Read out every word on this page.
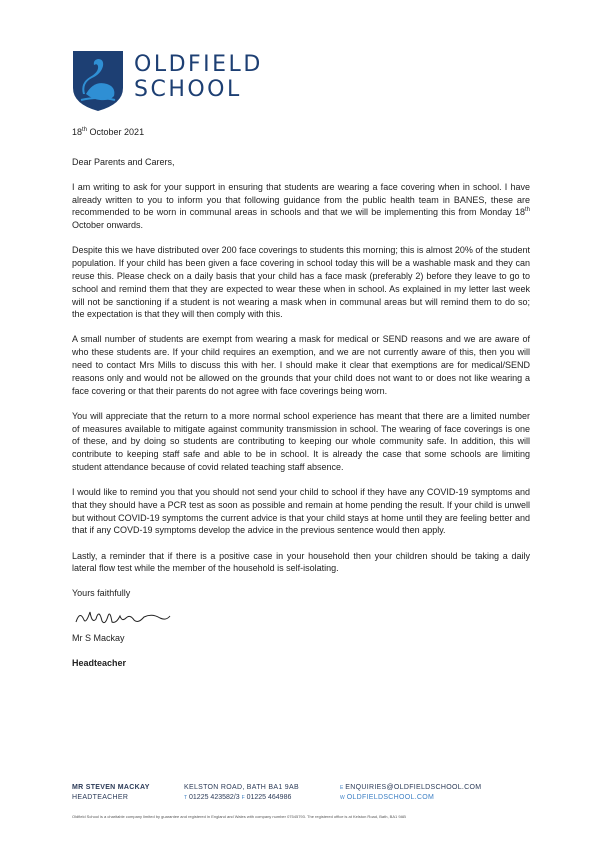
OLDFIELD
SCHOOL

18th October 2021

Dear Parents and Carers,

I am writing to ask for your support in ensuring that students are wearing a face covering when in school. I have already written to you to inform you that following guidance from the public health team in BANES, these are recommended to be worn in communal areas in schools and that we will be implementing this from Monday 18th October onwards.

Despite this we have distributed over 200 face coverings to students this morning; this is almost 20% of the student population. If your child has been given a face covering in school today this will be a washable mask and they can reuse this. Please check on a daily basis that your child has a face mask (preferably 2) before they leave to go to school and remind them that they are expected to wear these when in school. As explained in my letter last week will not be sanctioning if a student is not wearing a mask when in communal areas but will remind them to do so; the expectation is that they will then comply with this.

A small number of students are exempt from wearing a mask for medical or SEND reasons and we are aware of who these students are. If your child requires an exemption, and we are not currently aware of this, then you will need to contact Mrs Mills to discuss this with her. I should make it clear that exemptions are for medical/SEND reasons only and would not be allowed on the grounds that your child does not want to or does not like wearing a face covering or that their parents do not agree with face coverings being worn.

You will appreciate that the return to a more normal school experience has meant that there are a limited number of measures available to mitigate against community transmission in school. The wearing of face coverings is one of these, and by doing so students are contributing to keeping our whole community safe. In addition, this will contribute to keeping staff safe and able to be in school. It is already the case that some schools are limiting student attendance because of covid related teaching staff absence.

I would like to remind you that you should not send your child to school if they have any COVID-19 symptoms and that they should have a PCR test as soon as possible and remain at home pending the result. If your child is unwell but without COVID-19 symptoms the current advice is that your child stays at home until they are feeling better and that if any COVD-19 symptoms develop the advice in the previous sentence would then apply.

Lastly, a reminder that if there is a positive case in your household then your children should be taking a daily lateral flow test while the member of the household is self-isolating.

Yours faithfully

Mr S Mackay

Headteacher

MR STEVEN MACKAY
HEADTEACHER
KELSTON ROAD, BATH BA1 9AB
$^T$ 01225 423582/3 $^F$ 01225 464986
$^E$ ENQUIRIES@OLDFIELDSCHOOL.COM
$^W$ OLDFIELDSCHOOL.COM
Oldfield School is a charitable company limited by guarantee and registered in England and Wales with company number 07545793. The registered office is at Kelston Road, Bath, BA1 9AB
